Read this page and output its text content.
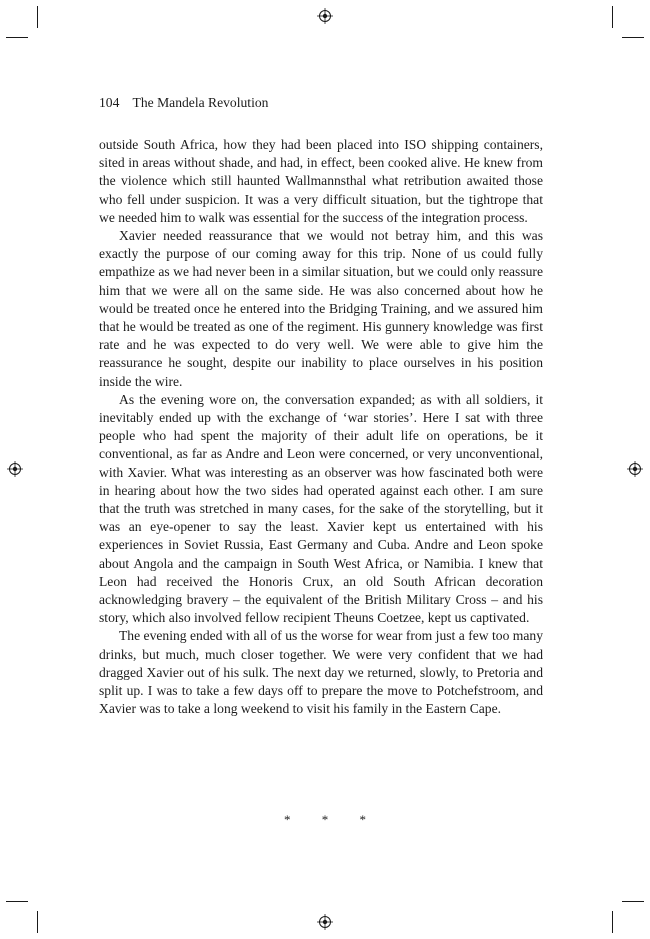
104 The Mandela Revolution

outside South Africa, how they had been placed into ISO shipping containers, sited in areas without shade, and had, in effect, been cooked alive. He knew from the violence which still haunted Wallmannsthal what retribution awaited those who fell under suspicion. It was a very difficult situation, but the tightrope that we needed him to walk was essential for the success of the integration process.

Xavier needed reassurance that we would not betray him, and this was exactly the purpose of our coming away for this trip. None of us could fully empathize as we had never been in a similar situation, but we could only reassure him that we were all on the same side. He was also concerned about how he would be treated once he entered into the Bridging Training, and we assured him that he would be treated as one of the regiment. His gunnery knowledge was first rate and he was expected to do very well. We were able to give him the reassurance he sought, despite our inability to place ourselves in his position inside the wire.

As the evening wore on, the conversation expanded; as with all soldiers, it inevitably ended up with the exchange of ‘war stories’. Here I sat with three people who had spent the majority of their adult life on operations, be it conventional, as far as Andre and Leon were concerned, or very unconventional, with Xavier. What was interesting as an observer was how fascinated both were in hearing about how the two sides had operated against each other. I am sure that the truth was stretched in many cases, for the sake of the storytelling, but it was an eye-opener to say the least. Xavier kept us entertained with his experiences in Soviet Russia, East Germany and Cuba. Andre and Leon spoke about Angola and the campaign in South West Africa, or Namibia. I knew that Leon had received the Honoris Crux, an old South African decoration acknowledging bravery – the equivalent of the British Military Cross – and his story, which also involved fellow recipient Theuns Coetzee, kept us captivated.

The evening ended with all of us the worse for wear from just a few too many drinks, but much, much closer together. We were very confident that we had dragged Xavier out of his sulk. The next day we returned, slowly, to Pretoria and split up. I was to take a few days off to prepare the move to Potchefstroom, and Xavier was to take a long weekend to visit his family in the Eastern Cape.

* * *
